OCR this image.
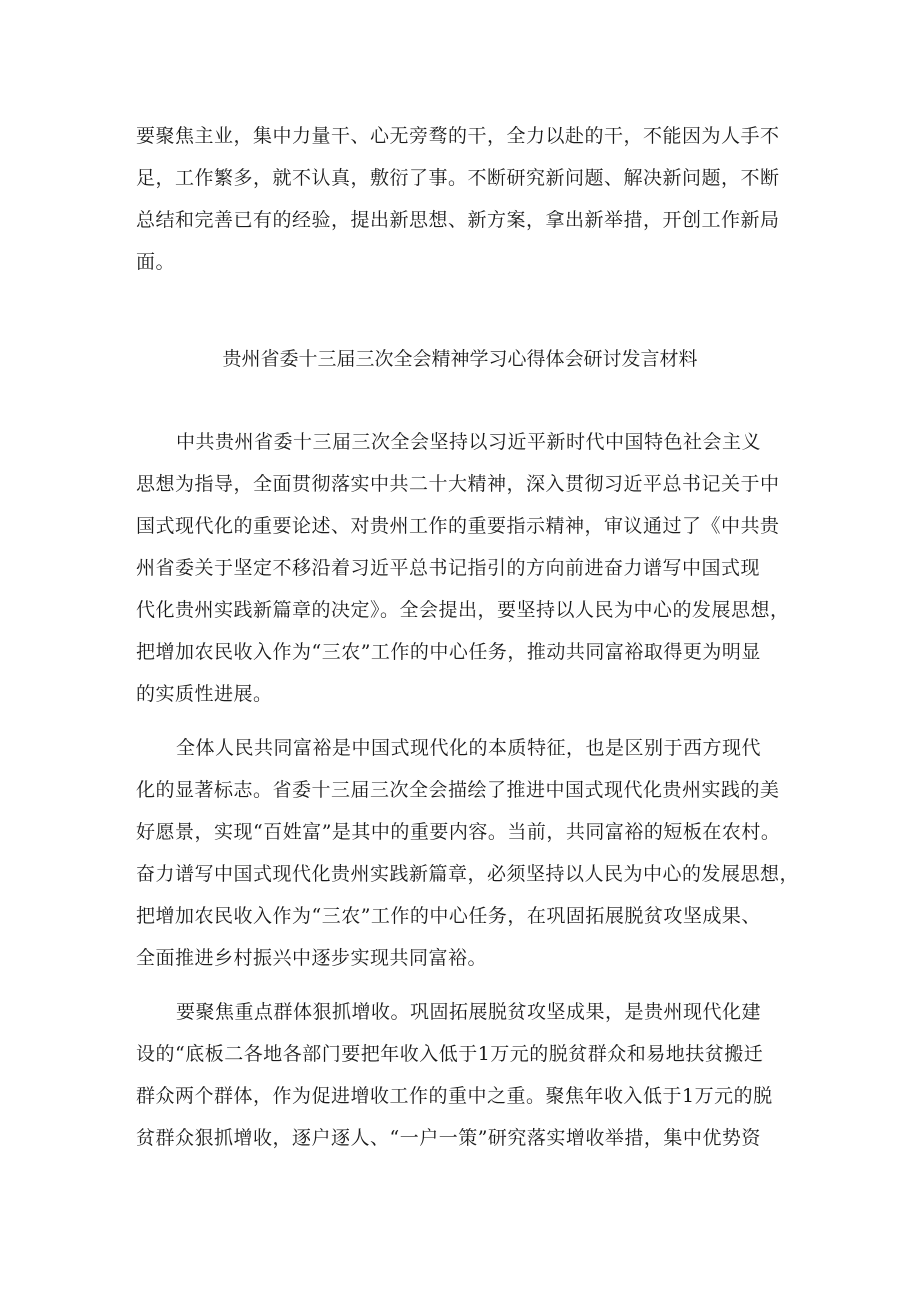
要聚焦主业，集中力量干、心无旁骛的干，全力以赴的干，不能因为人手不
足，工作繁多，就不认真，敷衍了事。不断研究新问题、解决新问题，不断
总结和完善已有的经验，提出新思想、新方案，拿出新举措，开创工作新局
面。
贵州省委十三届三次全会精神学习心得体会研讨发言材料
中共贵州省委十三届三次全会坚持以习近平新时代中国特色社会主义
思想为指导，全面贯彻落实中共二十大精神，深入贯彻习近平总书记关于中
国式现代化的重要论述、对贵州工作的重要指示精神，审议通过了《中共贵
州省委关于坚定不移沿着习近平总书记指引的方向前进奋力谱写中国式现
代化贵州实践新篇章的决定》。全会提出，要坚持以人民为中心的发展思想，
把增加农民收入作为“三农”工作的中心任务，推动共同富裕取得更为明显
的实质性进展。
全体人民共同富裕是中国式现代化的本质特征，也是区别于西方现代
化的显著标志。省委十三届三次全会描绘了推进中国式现代化贵州实践的美
好愿景，实现“百姓富”是其中的重要内容。当前，共同富裕的短板在农村。
奋力谱写中国式现代化贵州实践新篇章，必须坚持以人民为中心的发展思想，
把增加农民收入作为“三农”工作的中心任务，在巩固拓展脱贫攻坚成果、
全面推进乡村振兴中逐步实现共同富裕。
要聚焦重点群体狠抓增收。巩固拓展脱贫攻坚成果，是贵州现代化建
设的“底板二各地各部门要把年收入低于1万元的脱贫群众和易地扶贫搬迁
群众两个群体，作为促进增收工作的重中之重。聚焦年收入低于1万元的脱
贫群众狠抓增收，逐户逐人、“一户一策”研究落实增收举措，集中优势资
